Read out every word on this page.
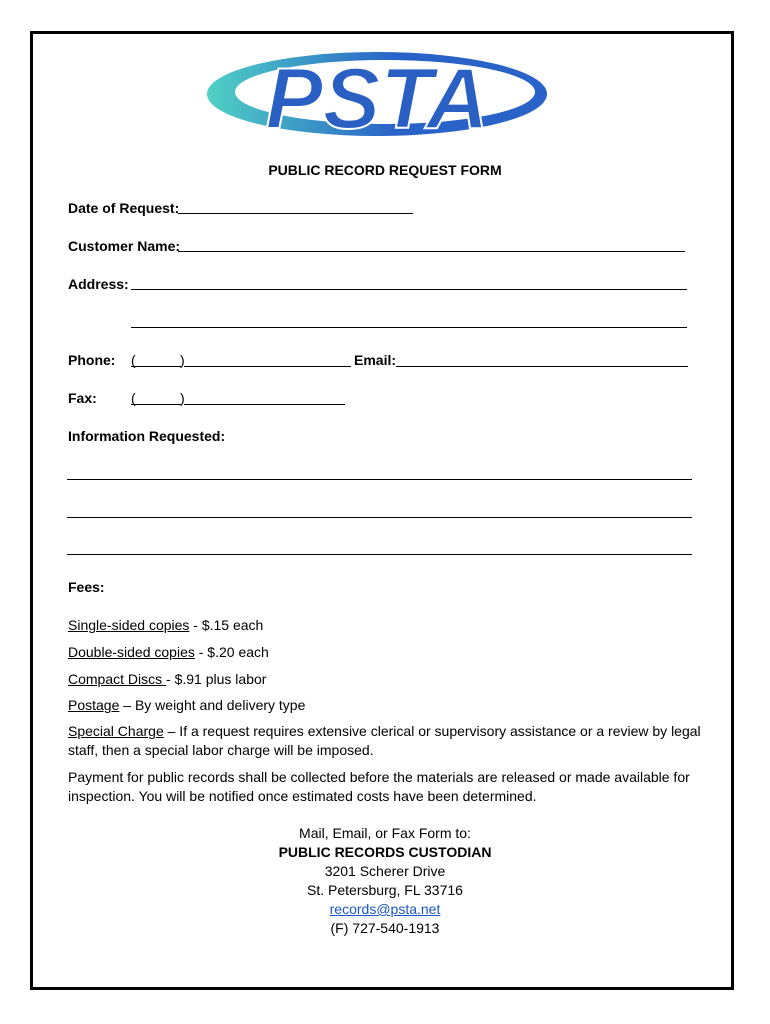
PSTA
PUBLIC RECORD REQUEST FORM
Date of Request:
Customer Name:
Address:
Phone: (	)	Email:
Fax: (	)
Information Requested:
Fees:
Single-sided copies - $.15 each
Double-sided copies - $.20 each
Compact Discs - $.91 plus labor
Postage – By weight and delivery type
Special Charge – If a request requires extensive clerical or supervisory assistance or a review by legal staff, then a special labor charge will be imposed.
Payment for public records shall be collected before the materials are released or made available for inspection. You will be notified once estimated costs have been determined.
Mail, Email, or Fax Form to:
PUBLIC RECORDS CUSTODIAN
3201 Scherer Drive
St. Petersburg, FL 33716
records@psta.net
(F) 727-540-1913
